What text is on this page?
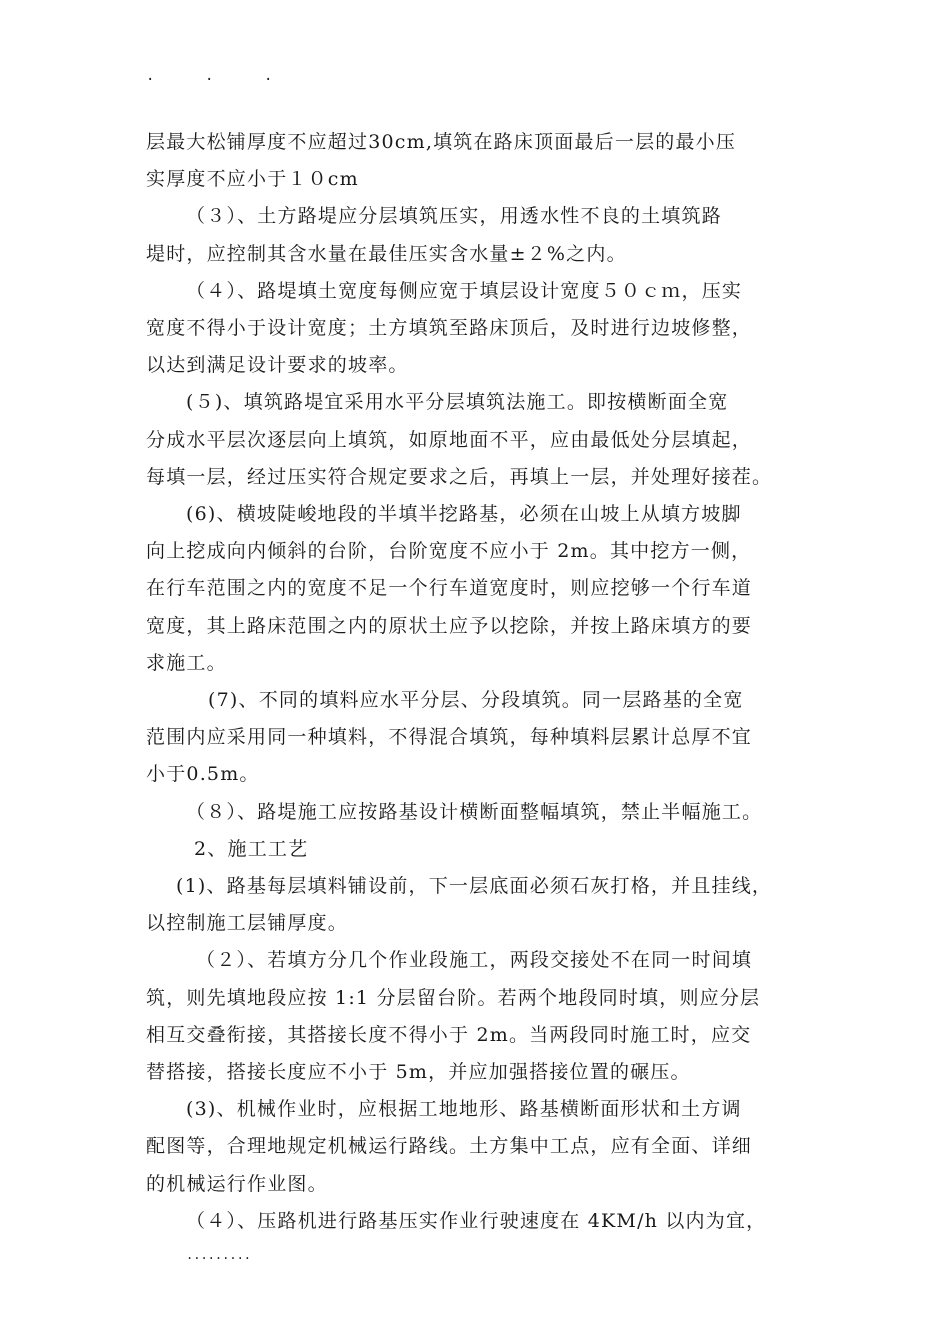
.      .      .
层最大松铺厚度不应超过30cm,填筑在路床顶面最后一层的最小压
实厚度不应小于１０cm
（３）、土方路堤应分层填筑压实，用透水性不良的土填筑路
堤时，应控制其含水量在最佳压实含水量±２%之内。
（４）、路堤填土宽度每侧应宽于填层设计宽度５０ｃｍ，压实
宽度不得小于设计宽度；土方填筑至路床顶后，及时进行边坡修整，
以达到满足设计要求的坡率。
(５)、填筑路堤宜采用水平分层填筑法施工。即按横断面全宽
分成水平层次逐层向上填筑，如原地面不平，应由最低处分层填起，
每填一层，经过压实符合规定要求之后，再填上一层，并处理好接茬。
(6)、横坡陡峻地段的半填半挖路基，必须在山坡上从填方坡脚
向上挖成向内倾斜的台阶，台阶宽度不应小于 2m。其中挖方一侧，
在行车范围之内的宽度不足一个行车道宽度时，则应挖够一个行车道
宽度，其上路床范围之内的原状土应予以挖除，并按上路床填方的要
求施工。
(7)、不同的填料应水平分层、分段填筑。同一层路基的全宽
范围内应采用同一种填料，不得混合填筑，每种填料层累计总厚不宜
小于0.5m。
（８）、路堤施工应按路基设计横断面整幅填筑，禁止半幅施工。
2、施工工艺
(1)、路基每层填料铺设前，下一层底面必须石灰打格，并且挂线，
以控制施工层铺厚度。
（２）、若填方分几个作业段施工，两段交接处不在同一时间填
筑，则先填地段应按 1:1 分层留台阶。若两个地段同时填，则应分层
相互交叠衔接，其搭接长度不得小于 2m。当两段同时施工时，应交
替搭接，搭接长度应不小于 5m，并应加强搭接位置的碾压。
(3)、机械作业时，应根据工地地形、路基横断面形状和土方调
配图等，合理地规定机械运行路线。土方集中工点，应有全面、详细
的机械运行作业图。
（４）、压路机进行路基压实作业行驶速度在 4KM/h 以内为宜，
.........
